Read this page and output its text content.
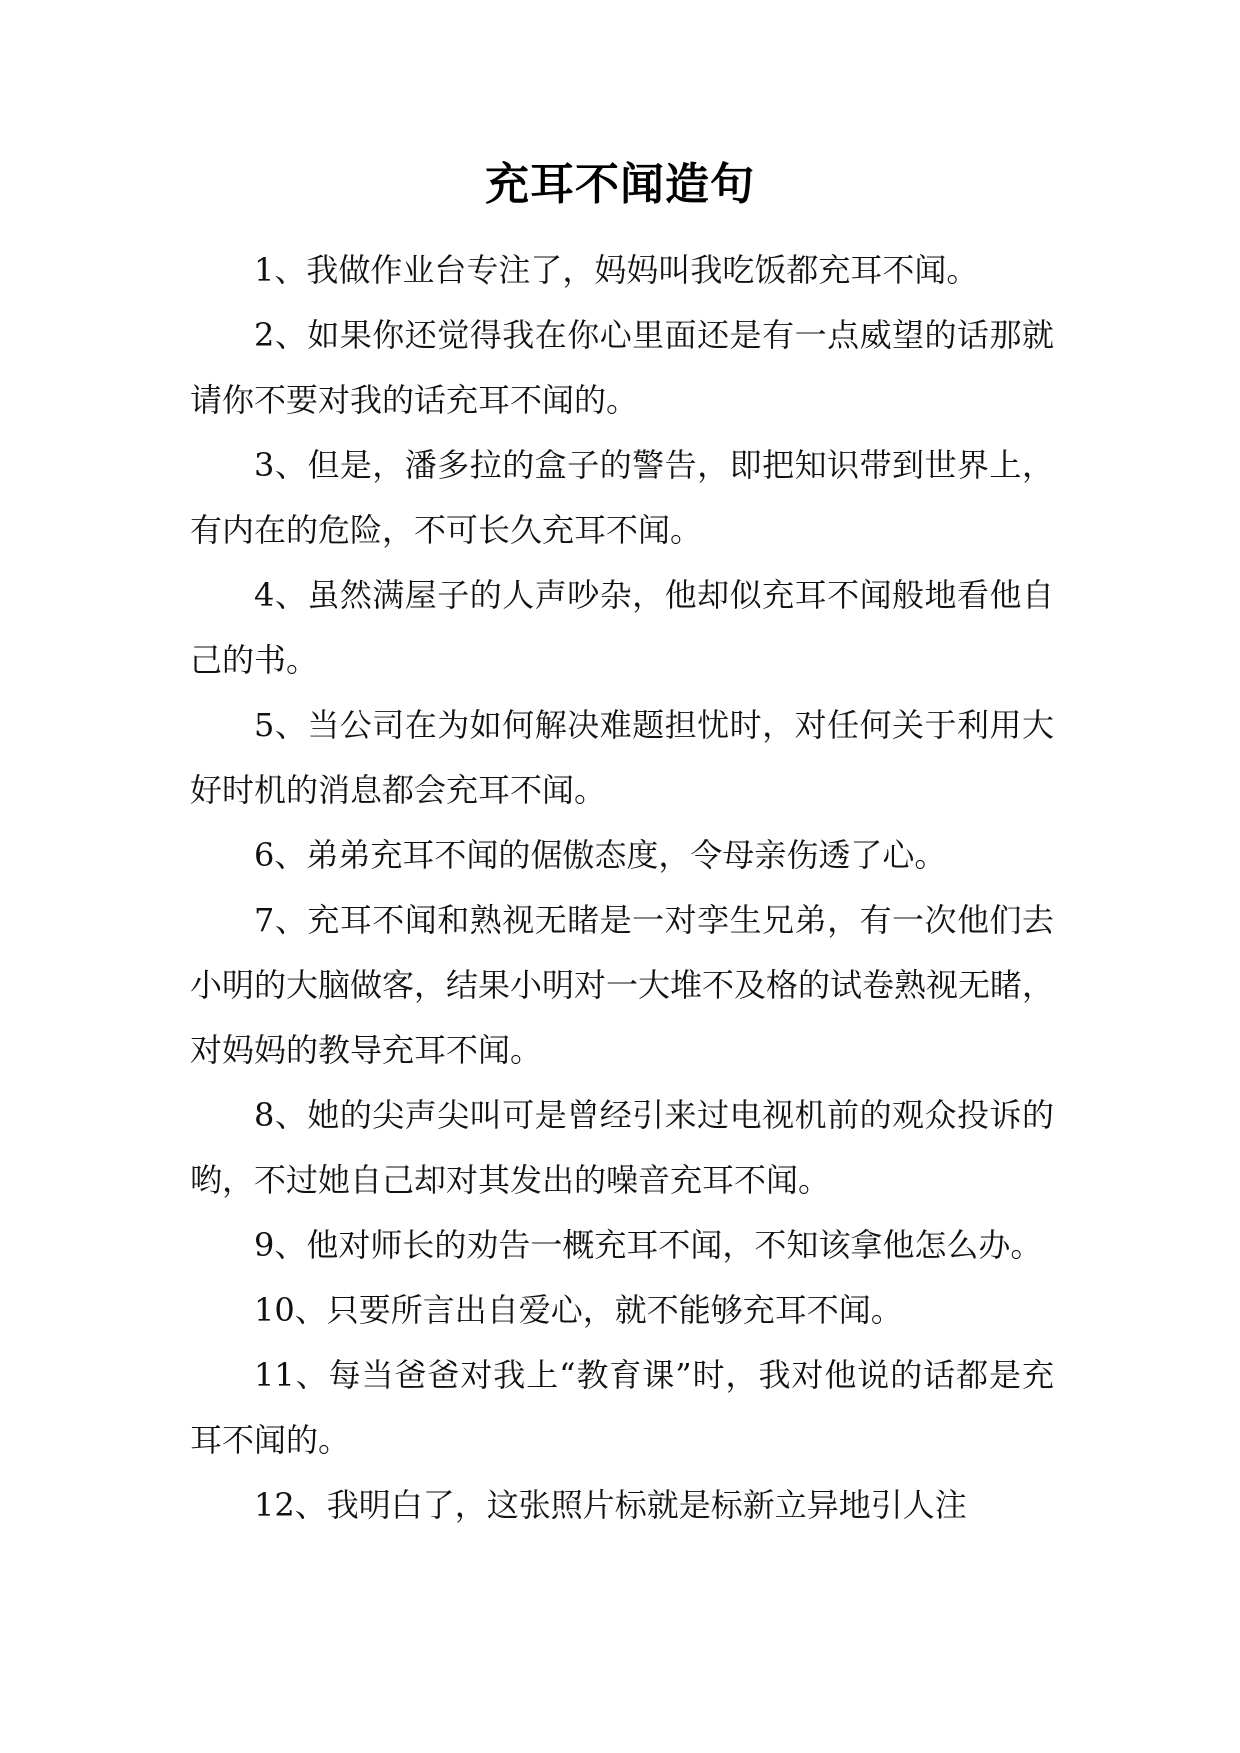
充耳不闻造句

1、我做作业台专注了，妈妈叫我吃饭都充耳不闻。

2、如果你还觉得我在你心里面还是有一点威望的话那就请你不要对我的话充耳不闻的。

3、但是，潘多拉的盒子的警告，即把知识带到世界上，有内在的危险，不可长久充耳不闻。

4、虽然满屋子的人声吵杂，他却似充耳不闻般地看他自己的书。

5、当公司在为如何解决难题担忧时，对任何关于利用大好时机的消息都会充耳不闻。

6、弟弟充耳不闻的倨傲态度，令母亲伤透了心。

7、充耳不闻和熟视无睹是一对孪生兄弟，有一次他们去小明的大脑做客，结果小明对一大堆不及格的试卷熟视无睹，对妈妈的教导充耳不闻。

8、她的尖声尖叫可是曾经引来过电视机前的观众投诉的哟，不过她自己却对其发出的噪音充耳不闻。

9、他对师长的劝告一概充耳不闻，不知该拿他怎么办。

10、只要所言出自爱心，就不能够充耳不闻。

11、每当爸爸对我上“教育课”时，我对他说的话都是充耳不闻的。

12、我明白了，这张照片标就是标新立异地引人注
